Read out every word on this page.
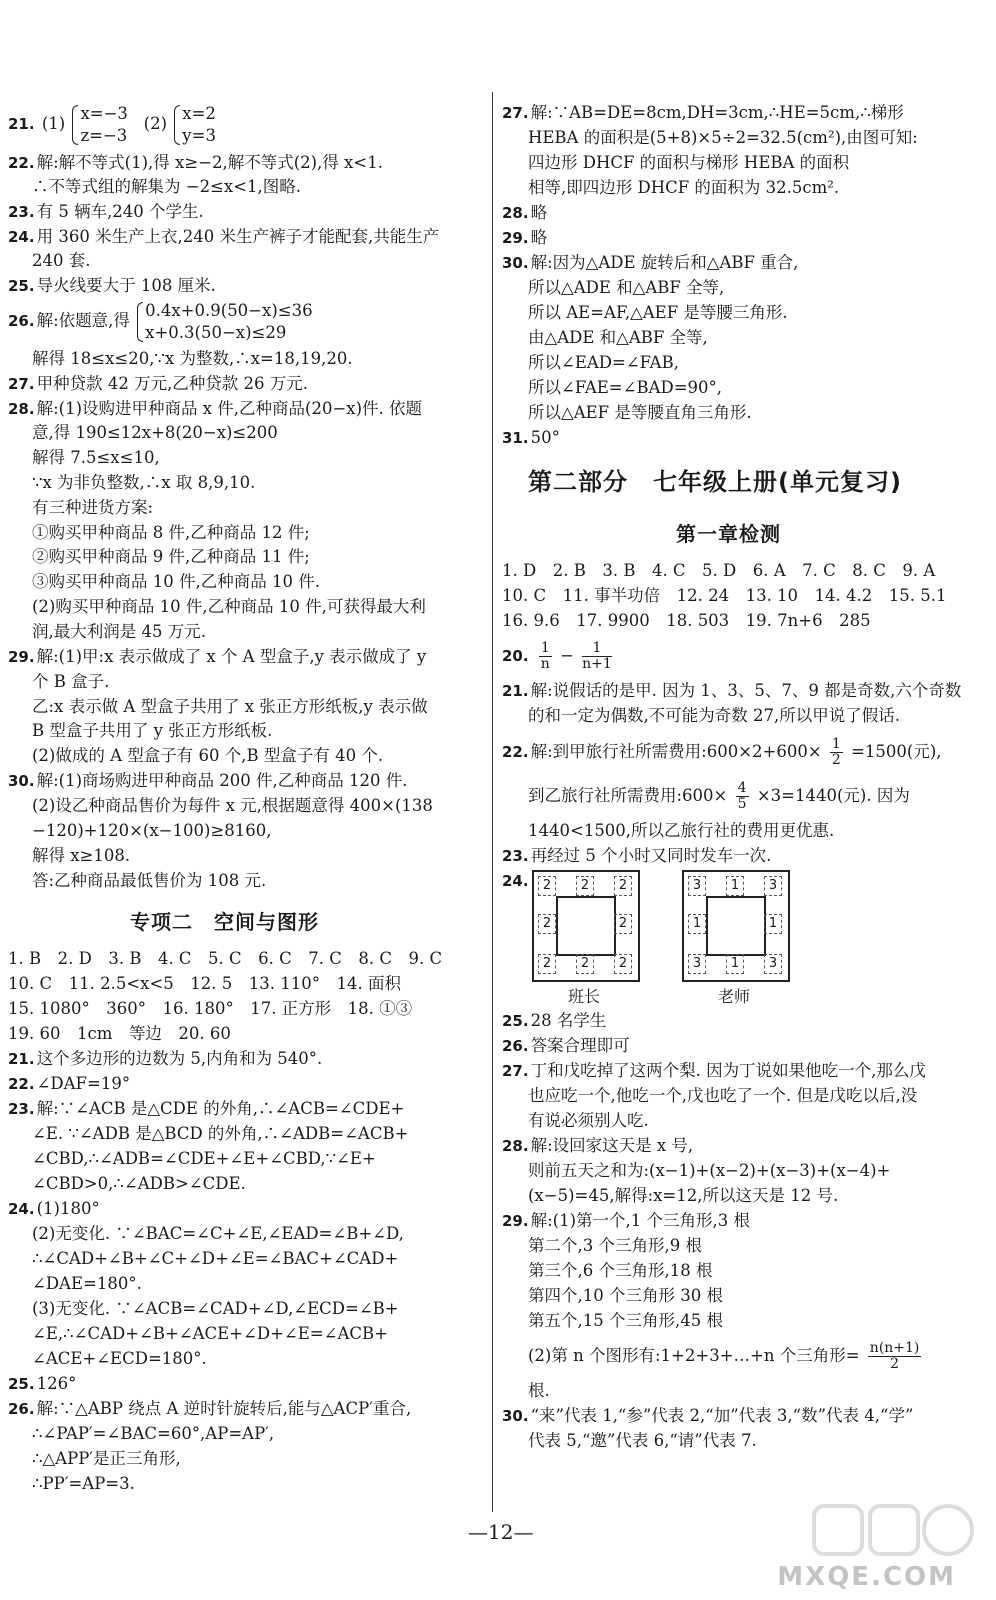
21. (1)
x=−3
z=−3
(2)
x=2
y=3
22. 解:解不等式(1),得 x≥−2,解不等式(2),得 x<1.
∴不等式组的解集为 −2≤x<1,图略.
23. 有 5 辆车,240 个学生.
24. 用 360 米生产上衣,240 米生产裤子才能配套,共能生产
240 套.
25. 导火线要大于 108 厘米.
26. 解:依题意,得
0.4x+0.9(50−x)≤36
x+0.3(50−x)≤29
解得 18≤x≤20,∵x 为整数,∴x=18,19,20.
27. 甲种贷款 42 万元,乙种贷款 26 万元.
28. 解:(1)设购进甲种商品 x 件,乙种商品(20−x)件. 依题
意,得 190≤12x+8(20−x)≤200
解得 7.5≤x≤10,
∵x 为非负整数,∴x 取 8,9,10.
有三种进货方案:
①购买甲种商品 8 件,乙种商品 12 件;
②购买甲种商品 9 件,乙种商品 11 件;
③购买甲种商品 10 件,乙种商品 10 件.
(2)购买甲种商品 10 件,乙种商品 10 件,可获得最大利
润,最大利润是 45 万元.
29. 解:(1)甲:x 表示做成了 x 个 A 型盒子,y 表示做成了 y
个 B 盒子.
乙:x 表示做 A 型盒子共用了 x 张正方形纸板,y 表示做
B 型盒子共用了 y 张正方形纸板.
(2)做成的 A 型盒子有 60 个,B 型盒子有 40 个.
30. 解:(1)商场购进甲种商品 200 件,乙种商品 120 件.
(2)设乙种商品售价为每件 x 元,根据题意得 400×(138
−120)+120×(x−100)≥8160,
解得 x≥108.
答:乙种商品最低售价为 108 元.
专项二　空间与图形
1. B　2. D　3. B　4. C　5. C　6. C　7. C　8. C　9. C
10. C　11. 2.5<x<5　12. 5　13. 110°　14. 面积
15. 1080°　360°　16. 180°　17. 正方形　18. ①③
19. 60　1cm　等边　20. 60
21. 这个多边形的边数为 5,内角和为 540°.
22. ∠DAF=19°
23. 解:∵∠ACB 是△CDE 的外角,∴∠ACB=∠CDE+
∠E. ∵∠ADB 是△BCD 的外角,∴∠ADB=∠ACB+
∠CBD,∴∠ADB=∠CDE+∠E+∠CBD,∵∠E+
∠CBD>0,∴∠ADB>∠CDE.
24. (1)180°
(2)无变化. ∵∠BAC=∠C+∠E,∠EAD=∠B+∠D,
∴∠CAD+∠B+∠C+∠D+∠E=∠BAC+∠CAD+
∠DAE=180°.
(3)无变化. ∵∠ACB=∠CAD+∠D,∠ECD=∠B+
∠E,∴∠CAD+∠B+∠ACE+∠D+∠E=∠ACB+
∠ACE+∠ECD=180°.
25. 126°
26. 解:∵△ABP 绕点 A 逆时针旋转后,能与△ACP′重合,
∴∠PAP′=∠BAC=60°,AP=AP′,
∴△APP′是正三角形,
∴PP′=AP=3.
27. 解:∵AB=DE=8cm,DH=3cm,∴HE=5cm,∴梯形
HEBA 的面积是(5+8)×5÷2=32.5(cm²),由图可知:
四边形 DHCF 的面积与梯形 HEBA 的面积
相等,即四边形 DHCF 的面积为 32.5cm².
28. 略
29. 略
30. 解:因为△ADE 旋转后和△ABF 重合,
所以△ADE 和△ABF 全等,
所以 AE=AF,△AEF 是等腰三角形.
由△ADE 和△ABF 全等,
所以∠EAD=∠FAB,
所以∠FAE=∠BAD=90°,
所以△AEF 是等腰直角三角形.
31. 50°
第二部分　七年级上册(单元复习)
第一章检测
1. D　2. B　3. B　4. C　5. D　6. A　7. C　8. C　9. A
10. C　11. 事半功倍　12. 24　13. 10　14. 4.2　15. 5.1
16. 9.6　17. 9900　18. 503　19. 7n+6　285
20. $\frac{1}{n} - \frac{1}{n+1}$
21. 解:说假话的是甲. 因为 1、3、5、7、9 都是奇数,六个奇数
的和一定为偶数,不可能为奇数 27,所以甲说了假话.
22. 解:到甲旅行社所需费用:600×2+600× $\frac{1}{2} =1500$(元),
到乙旅行社所需费用:600× $\frac{4}{5} \times 3=1440$(元). 因为
1440<1500,所以乙旅行社的费用更优惠.
23. 再经过 5 个小时又同时发车一次.
24.	2	2	2
2	2
2	2	2
班长
3	1	3
1	1
3	1	3
老师
25. 28 名学生
26. 答案合理即可
27. 丁和戊吃掉了这两个梨. 因为丁说如果他吃一个,那么戊
也应吃一个,他吃一个,戊也吃了一个. 但是戊吃以后,没
有说必须别人吃.
28. 解:设回家这天是 x 号,
则前五天之和为:(x−1)+(x−2)+(x−3)+(x−4)+
(x−5)=45,解得:x=12,所以这天是 12 号.
29. 解:(1)第一个,1 个三角形,3 根
第二个,3 个三角形,9 根
第三个,6 个三角形,18 根
第四个,10 个三角形 30 根
第五个,15 个三角形,45 根
(2)第 n 个图形有:1+2+3+…+n 个三角形= $\frac{n(n+1)}{2}$
根.
30. “来”代表 1,“参”代表 2,“加”代表 3,“数”代表 4,“学”
代表 5,“邀”代表 6,“请”代表 7.
—12—
MXQE.COM
